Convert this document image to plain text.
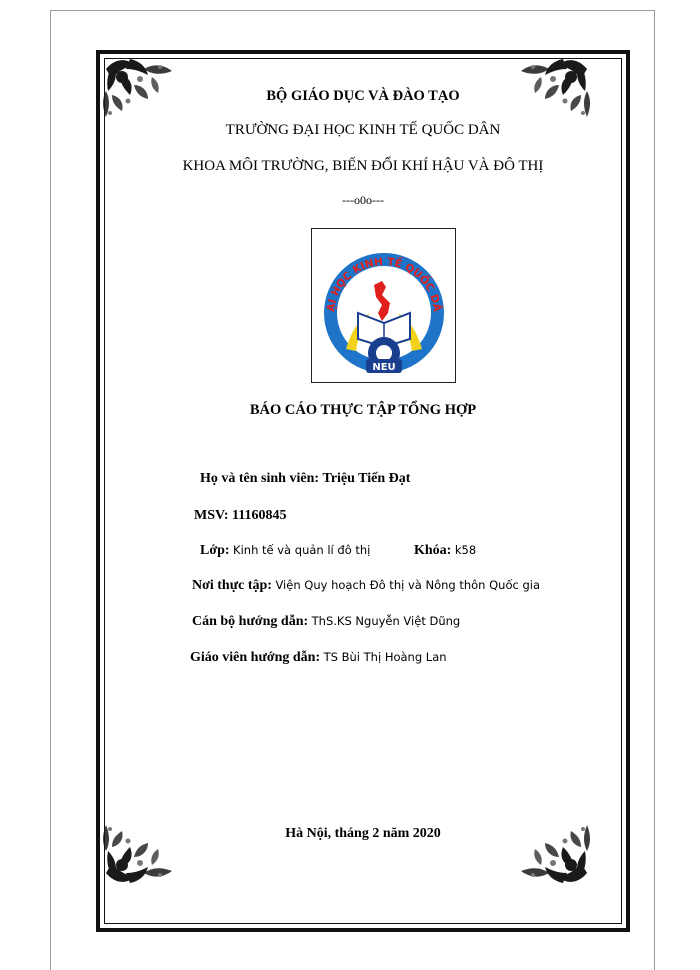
BỘ GIÁO DỤC VÀ ĐÀO TẠO
TRƯỜNG ĐẠI HỌC KINH TẾ QUỐC DÂN
KHOA MÔI TRƯỜNG, BIẾN ĐỔI KHÍ HẬU VÀ ĐÔ THỊ
---o0o---
ẠI HỌC KINH TẾ QUỐC DÂ
NEU
BÁO CÁO THỰC TẬP TỔNG HỢP
Họ và tên sinh viên: Triệu Tiến Đạt
MSV: 11160845
Lớp: Kinh tế và quản lí đô thị	Khóa: k58
Nơi thực tập: Viện Quy hoạch Đô thị và Nông thôn Quốc gia
Cán bộ hướng dẫn: ThS.KS Nguyễn Việt Dũng
Giáo viên hướng dẫn: TS Bùi Thị Hoàng Lan
Hà Nội, tháng 2 năm 2020
